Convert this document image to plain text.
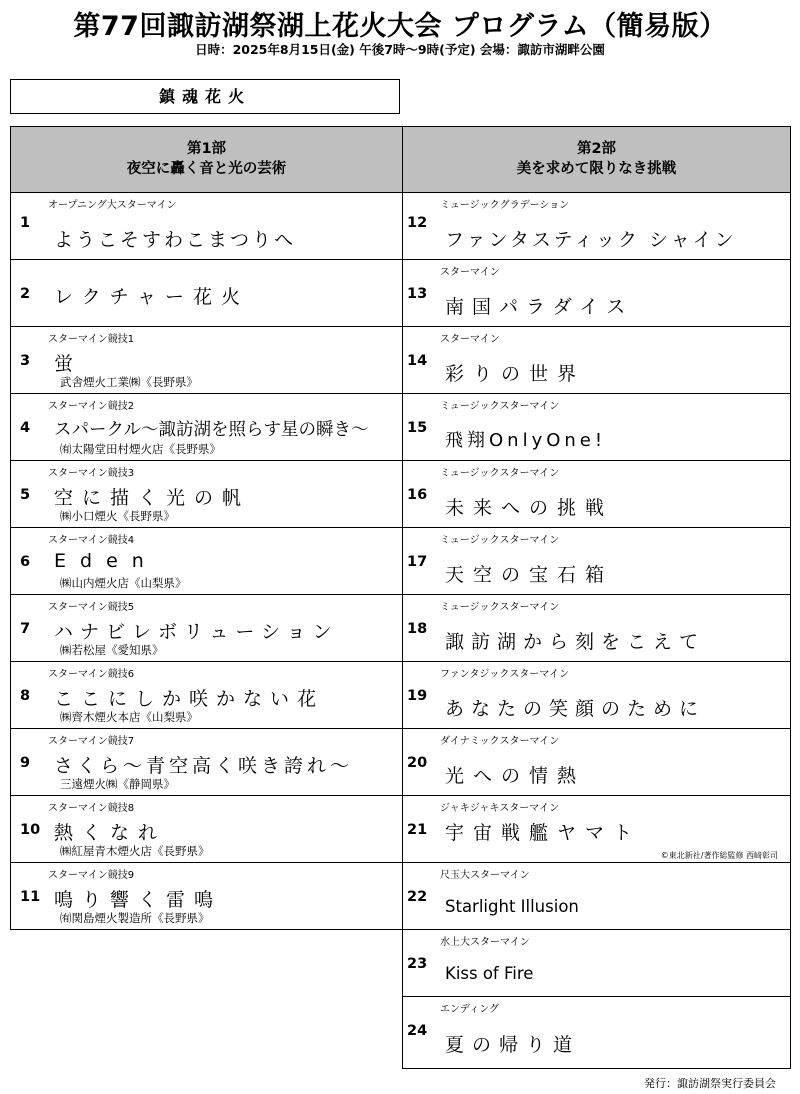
第77回諏訪湖祭湖上花火大会 プログラム（簡易版）
日時：2025年8月15日(金) 午後7時～9時(予定) 会場：諏訪市湖畔公園
鎮魂花火
第1部
夜空に轟く音と光の芸術
第2部
美を求めて限りなき挑戦
オープニング大スターマイン
1
ようこそすわこまつりへ
2 レクチャー花火
スターマイン競技1
3 蛍
武舎煙火工業㈱《長野県》
スターマイン競技2
4 スパークル～諏訪湖を照らす星の瞬き～
㈲太陽堂田村煙火店《長野県》
スターマイン競技3
5 空に描く光の帆
㈱小口煙火《長野県》
スターマイン競技4
6 Eden
㈱山内煙火店《山梨県》
スターマイン競技5
7 ハナビレボリューション
㈱若松屋《愛知県》
スターマイン競技6
8 ここにしか咲かない花
㈱齊木煙火本店《山梨県》
スターマイン競技7
9 さくら～青空高く咲き誇れ～
三遠煙火㈱《静岡県》
スターマイン競技8
10 熱くなれ
㈱紅屋青木煙火店《長野県》
スターマイン競技9
11 鳴り響く雷鳴
㈲関島煙火製造所《長野県》
ミュージックグラデーション
12
ファンタスティック シャイン
スターマイン
13
南国パラダイス
スターマイン
14
彩りの世界
ミュージックスターマイン
15
飛翔OnlyOne!
ミュージックスターマイン
16
未来への挑戦
ミュージックスターマイン
17
天空の宝石箱
ミュージックスターマイン
18
諏訪湖から刻をこえて
ファンタジックスターマイン
19
あなたの笑顔のために
ダイナミックスターマイン
20
光への情熱
ジャキジャキスターマイン
21 宇宙戦艦ヤマト
©東北新社/著作総監修 西﨑彰司
尺玉大スターマイン
22 Starlight Illusion
水上大スターマイン
23 Kiss of Fire
エンディング
24
夏の帰り道
発行：諏訪湖祭実行委員会
